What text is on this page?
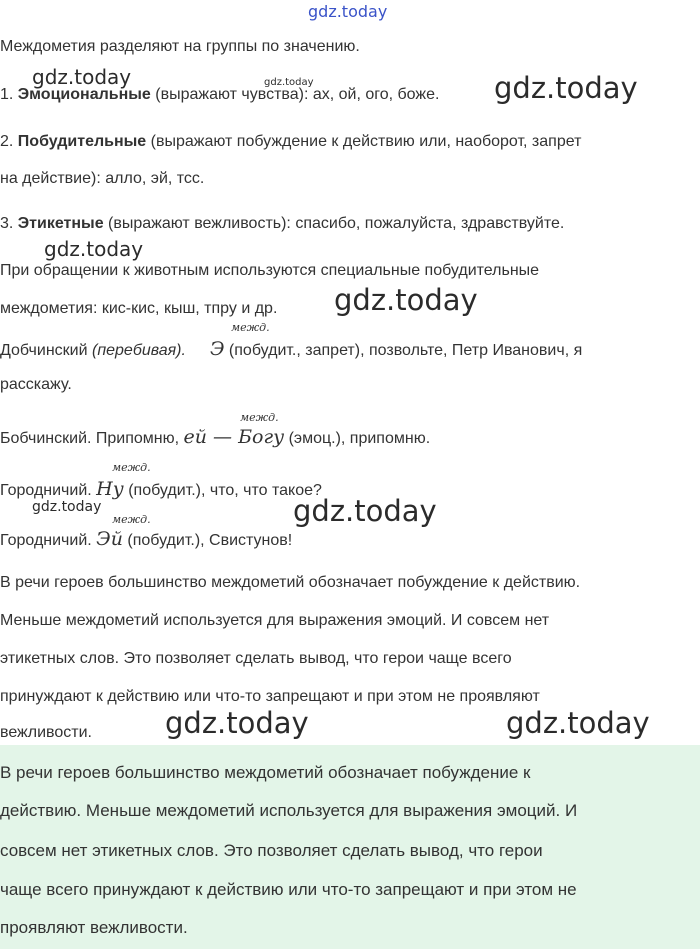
gdz.today
gdz.today	gdz.today	gdz.today
gdz.today
gdz.today
gdz.today	gdz.today
gdz.today	gdz.today
Междометия разделяют на группы по значению.
1. Эмоциональные (выражают чувства): ах, ой, ого, боже.
2. Побудительные (выражают побуждение к действию или, наоборот, запрет
на действие): алло, эй, тсс.
3. Этикетные (выражают вежливость): спасибо, пожалуйста, здравствуйте.
При обращении к животным используются специальные побудительные
междометия: кис-кис, кыш, тпру и др.
межд.
Добчинский (перебивая). Э (побудит., запрет), позвольте, Петр Иванович, я
расскажу.
межд.
Бобчинский. Припомню, ей — Богу (эмоц.), припомню.
межд.
Городничий. Ну (побудит.), что, что такое?
межд.
Городничий. Эй (побудит.), Свистунов!
В речи героев большинство междометий обозначает побуждение к действию.
Меньше междометий используется для выражения эмоций. И совсем нет
этикетных слов. Это позволяет сделать вывод, что герои чаще всего
принуждают к действию или что-то запрещают и при этом не проявляют
вежливости.
В речи героев большинство междометий обозначает побуждение к
действию. Меньше междометий используется для выражения эмоций. И
совсем нет этикетных слов. Это позволяет сделать вывод, что герои
чаще всего принуждают к действию или что-то запрещают и при этом не
проявляют вежливости.
